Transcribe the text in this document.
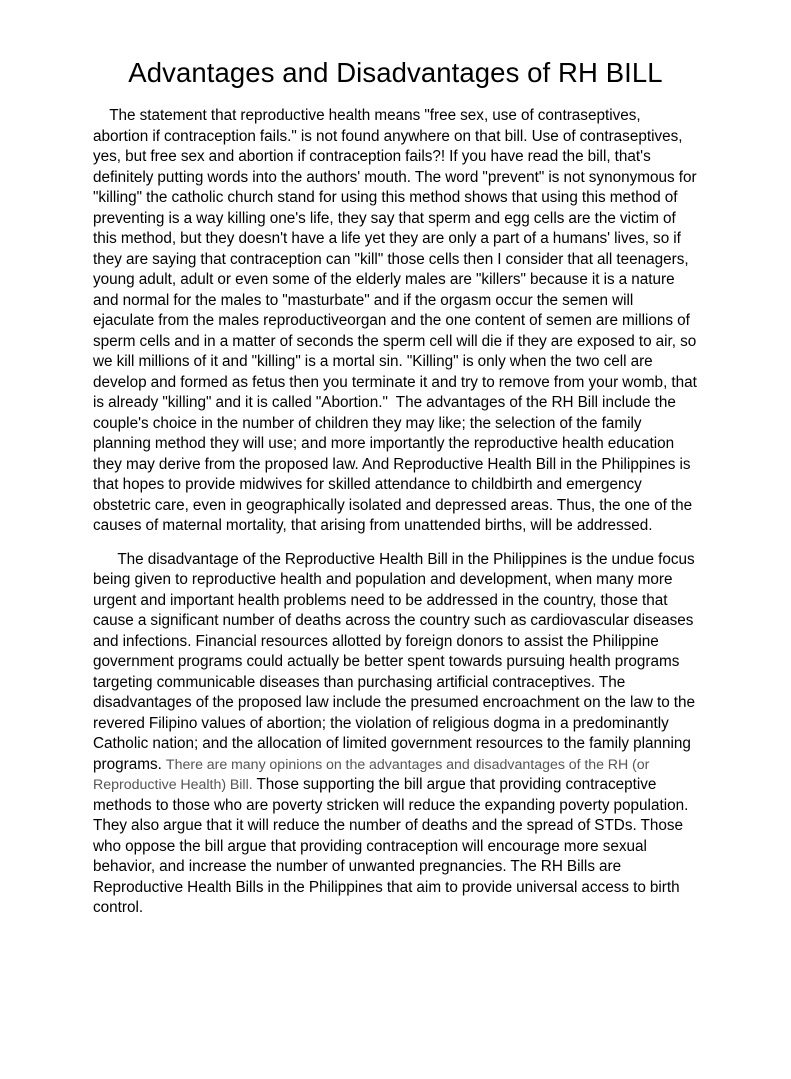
Advantages and Disadvantages of RH BILL

The statement that reproductive health means "free sex, use of contraseptives, abortion if contraception fails." is not found anywhere on that bill. Use of contraseptives, yes, but free sex and abortion if contraception fails?! If you have read the bill, that's definitely putting words into the authors' mouth. The word "prevent" is not synonymous for "killing" the catholic church stand for using this method shows that using this method of preventing is a way killing one's life, they say that sperm and egg cells are the victim of this method, but they doesn't have a life yet they are only a part of a humans' lives, so if they are saying that contraception can "kill" those cells then I consider that all teenagers, young adult, adult or even some of the elderly males are "killers" because it is a nature and normal for the males to "masturbate" and if the orgasm occur the semen will ejaculate from the males reproductiveorgan and the one content of semen are millions of sperm cells and in a matter of seconds the sperm cell will die if they are exposed to air, so we kill millions of it and "killing" is a mortal sin. "Killing" is only when the two cell are develop and formed as fetus then you terminate it and try to remove from your womb, that is already "killing" and it is called "Abortion."  The advantages of the RH Bill include the couple's choice in the number of children they may like; the selection of the family planning method they will use; and more importantly the reproductive health education they may derive from the proposed law. And Reproductive Health Bill in the Philippines is that hopes to provide midwives for skilled attendance to childbirth and emergency obstetric care, even in geographically isolated and depressed areas. Thus, the one of the causes of maternal mortality, that arising from unattended births, will be addressed.

The disadvantage of the Reproductive Health Bill in the Philippines is the undue focus being given to reproductive health and population and development, when many more urgent and important health problems need to be addressed in the country, those that cause a significant number of deaths across the country such as cardiovascular diseases and infections. Financial resources allotted by foreign donors to assist the Philippine government programs could actually be better spent towards pursuing health programs targeting communicable diseases than purchasing artificial contraceptives. The disadvantages of the proposed law include the presumed encroachment on the law to the revered Filipino values of abortion; the violation of religious dogma in a predominantly Catholic nation; and the allocation of limited government resources to the family planning programs. There are many opinions on the advantages and disadvantages of the RH (or Reproductive Health) Bill. Those supporting the bill argue that providing contraceptive methods to those who are poverty stricken will reduce the expanding poverty population. They also argue that it will reduce the number of deaths and the spread of STDs. Those who oppose the bill argue that providing contraception will encourage more sexual behavior, and increase the number of unwanted pregnancies. The RH Bills are Reproductive Health Bills in the Philippines that aim to provide universal access to birth control.
